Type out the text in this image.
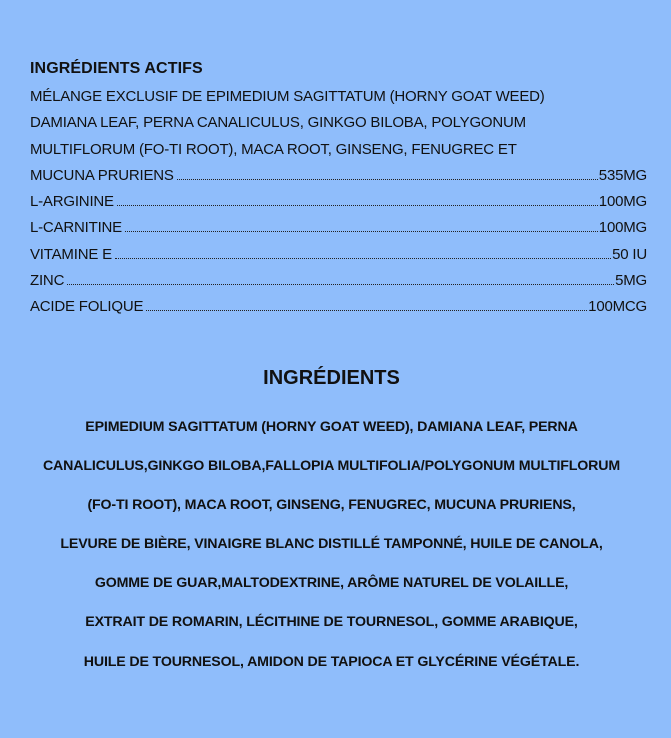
INGRÉDIENTS ACTIFS
MÉLANGE EXCLUSIF DE EPIMEDIUM SAGITTATUM (HORNY GOAT WEED)
DAMIANA LEAF, PERNA CANALICULUS, GINKGO BILOBA, POLYGONUM
MULTIFLORUM (FO-TI ROOT), MACA ROOT, GINSENG, FENUGREC ET
MUCUNA PRURIENS	535MG
L-ARGININE	100MG
L-CARNITINE	100MG
VITAMINE E	50 IU
ZINC	5MG
ACIDE FOLIQUE	100MCG
INGRÉDIENTS
EPIMEDIUM SAGITTATUM (HORNY GOAT WEED), DAMIANA LEAF, PERNA
CANALICULUS,GINKGO BILOBA,FALLOPIA MULTIFOLIA/POLYGONUM MULTIFLORUM
(FO-TI ROOT), MACA ROOT, GINSENG, FENUGREC, MUCUNA PRURIENS,
LEVURE DE BIÈRE, VINAIGRE BLANC DISTILLÉ TAMPONNÉ, HUILE DE CANOLA,
GOMME DE GUAR,MALTODEXTRINE, ARÔME NATUREL DE VOLAILLE,
EXTRAIT DE ROMARIN, LÉCITHINE DE TOURNESOL, GOMME ARABIQUE,
HUILE DE TOURNESOL, AMIDON DE TAPIOCA ET GLYCÉRINE VÉGÉTALE.
